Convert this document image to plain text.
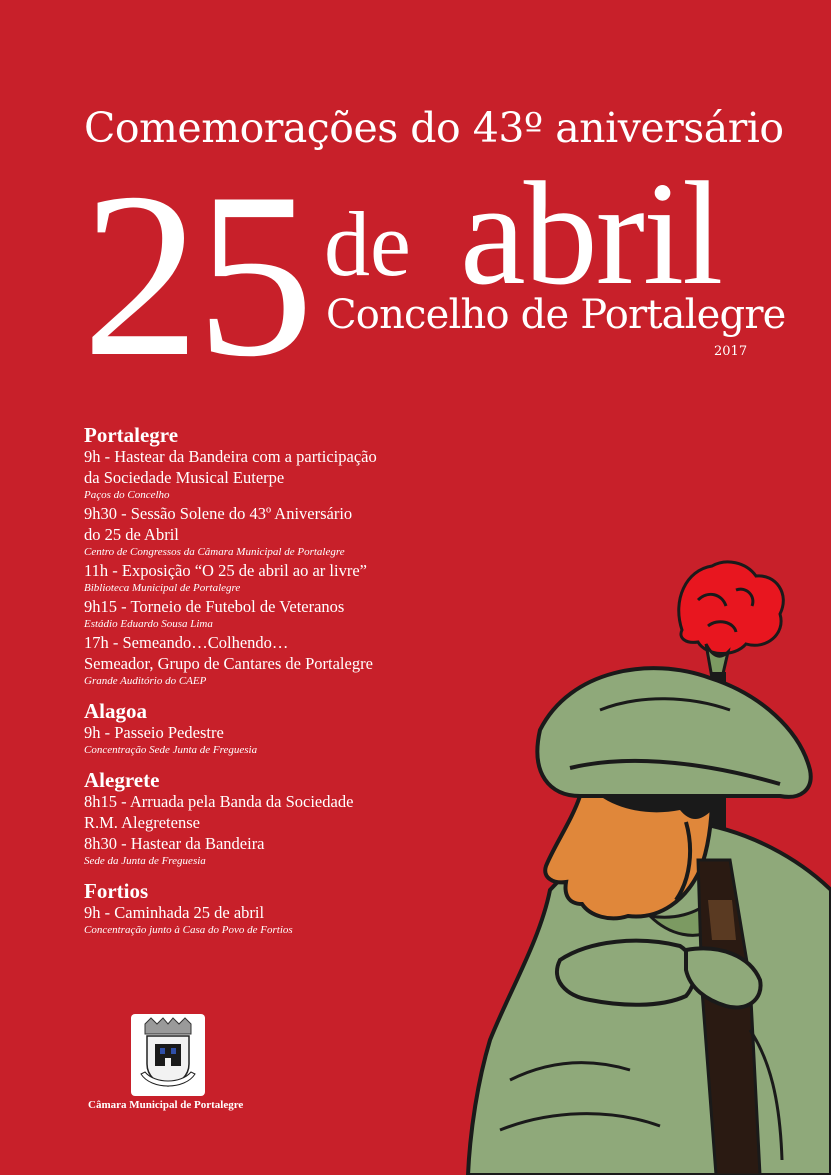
Comemorações do 43º aniversário
25 de abril
Concelho de Portalegre
2017
Portalegre
9h - Hastear da Bandeira com a participação
da Sociedade Musical Euterpe
Paços do Concelho
9h30 - Sessão Solene do 43º Aniversário
do 25 de Abril
Centro de Congressos da Câmara Municipal de Portalegre
11h - Exposição “O 25 de abril ao ar livre”
Biblioteca Municipal de Portalegre
9h15 - Torneio de Futebol de Veteranos
Estádio Eduardo Sousa Lima
17h - Semeando…Colhendo…
Semeador, Grupo de Cantares de Portalegre
Grande Auditório do CAEP
Alagoa
9h - Passeio Pedestre
Concentração Sede Junta de Freguesia
Alegrete
8h15 - Arruada pela Banda da Sociedade
R.M. Alegretense
8h30 - Hastear da Bandeira
Sede da Junta de Freguesia
Fortios
9h - Caminhada 25 de abril
Concentração junto à Casa do Povo de Fortios
Câmara Municipal de Portalegre
